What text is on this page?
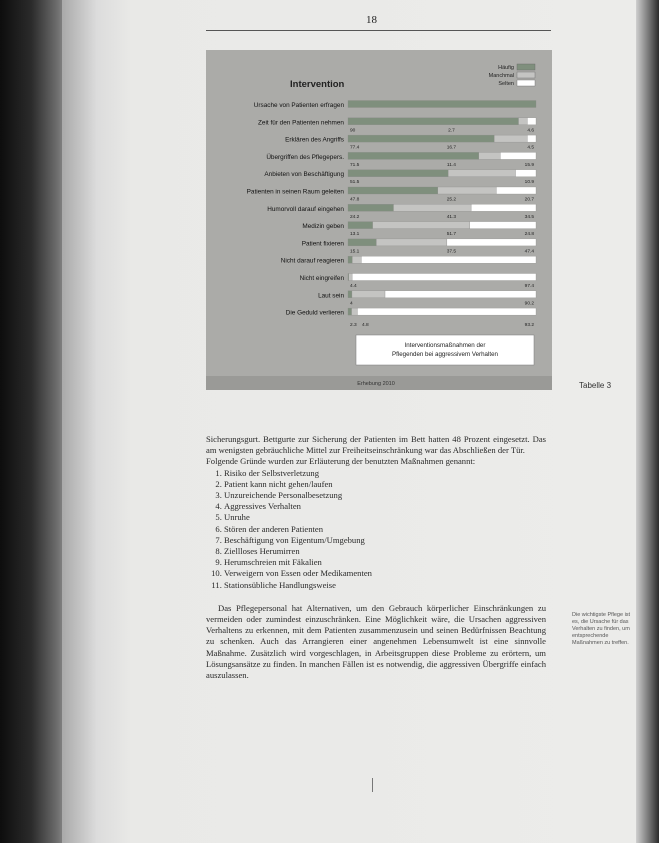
18
Intervention
Häufig
Manchmal
Selten
Ursache von Patienten erfragen
Zeit für den Patienten nehmen
90	2.7	4.6
Erklären des Angriffs
77.4	16.7	4.5
Übergriffen des Pflegepers.
71.5	11.4	15.9
Anbieten von Beschäftigung
51.5	10.9
Patienten in seinen Raum geleiten
47.8	25.2	20.7
Humorvoll darauf eingehen
24.2	41.3	34.5
Medizin geben
13.1	51.7	24.8
Patient fixieren
15.1	37.5	47.4
Nicht darauf reagieren
Nicht eingreifen
4.4	97.4
Laut sein
4	90.2
Die Geduld verlieren
2.3 4.8	93.2
Interventionsmaßnahmen der
Pflegenden bei aggressivem Verhalten
Erhebung 2010	Tabelle 3

Sicherungsgurt. Bettgurte zur Sicherung der Patienten im Bett hatten 48 Prozent eingesetzt. Das am wenigsten gebräuchliche Mittel zur Freiheitseinschränkung war das Abschließen der Tür.

Folgende Gründe wurden zur Erläuterung der benutzten Maßnahmen genannt:

1. Risiko der Selbstverletzung
2. Patient kann nicht gehen/laufen
3. Unzureichende Personalbesetzung
4. Aggressives Verhalten
5. Unruhe
6. Stören der anderen Patienten
7. Beschäftigung von Eigentum/Umgebung
8. Ziellloses Herumirren
9. Herumschreien mit Fäkalien
10. Verweigern von Essen oder Medikamenten
11. Stationsübliche Handlungsweise

Das Pflegepersonal hat Alternativen, um den Gebrauch körperlicher Einschränkungen zu vermeiden oder zumindest einzuschränken. Eine Möglichkeit wäre, die Ursachen aggressiven Verhaltens zu erkennen, mit dem Patienten zusammenzusein und seinen Bedürfnissen Beachtung zu schenken. Auch das Arrangieren einer angenehmen Lebensumwelt ist eine sinnvolle Maßnahme. Zusätzlich wird vorgeschlagen, in Arbeitsgruppen diese Probleme zu erörtern, um Lösungsansätze zu finden. In manchen Fällen ist es notwendig, die aggressiven Übergriffe einfach auszulassen.

Die wichtigste Pflege ist es, die Ursache für das Verhalten zu finden, um entsprechende Maßnahmen zu treffen.
